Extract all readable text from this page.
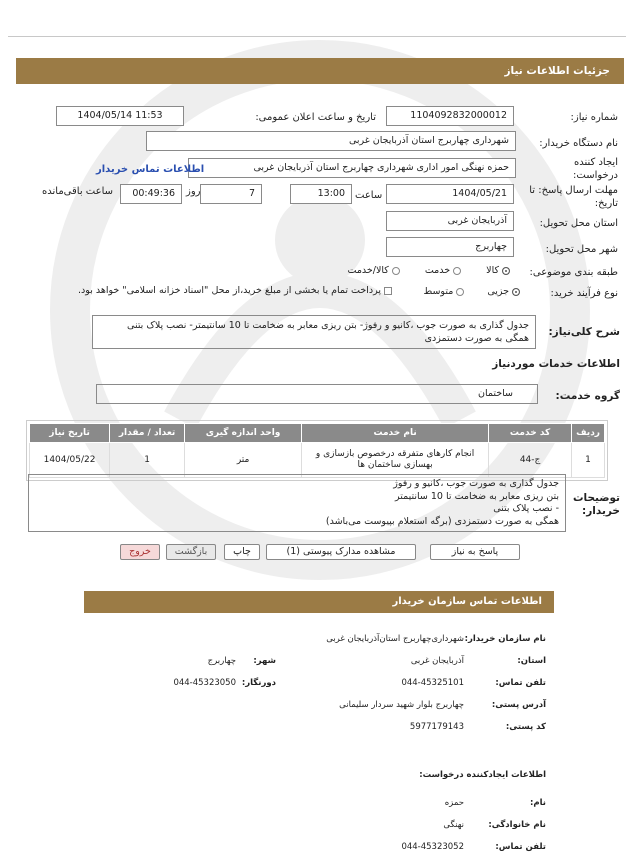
جزئیات اطلاعات نیاز
شماره نیاز:
1104092832000012
تاریخ و ساعت اعلان عمومی:
1404/05/14 11:53
نام دستگاه خریدار:
شهرداری چهاربرج استان آذربایجان غربی
ایجاد کننده درخواست:
حمزه نهنگی امور اداری شهرداری چهاربرج استان آذربایجان غربی
اطلاعات تماس خریدار
مهلت ارسال پاسخ: تا تاریخ:
1404/05/21
ساعت
13:00
7
روز
00:49:36
ساعت باقی‌مانده
استان محل تحویل:
آذربایجان غربی
شهر محل تحویل:
چهاربرج
طبقه بندی موضوعی:
کالا خدمت کالا/خدمت
نوع فرآیند خرید:
جزیی متوسط
پرداخت تمام یا بخشی از مبلغ خرید،از محل "اسناد خزانه اسلامی" خواهد بود.
شرح کلی‌نیاز:
جدول گذاری به صورت جوب ،کانیو و رفوژ- بتن ریزی معابر به ضخامت تا 10 سانتیمتر- نصب پلاک بتنی
همگی به صورت دستمزدی
اطلاعات خدمات موردنیاز
گروه خدمت:
ساختمان
ردیف	کد خدمت	نام خدمت	واحد اندازه گیری	تعداد / مقدار	تاریخ نیاز
1	ج-44	انجام کارهای متفرقه درخصوص بازسازی و بهسازی ساختمان ها	متر	1	1404/05/22
توضیحات خریدار:
جدول گذاری به صورت جوب ،کانیو و رفوژ
بتن ریزی معابر به ضخامت تا 10 سانتیمتر
- نصب پلاک بتنی
همگی به صورت دستمزدی (برگه استعلام بپیوست می‌باشد)
پاسخ به نیاز
مشاهده مدارک پیوستی (1)
چاپ
بازگشت
خروج
اطلاعات تماس سازمان خریدار
نام سازمان خریدار:
شهرداری‌چهاربرج استان‌آذربایجان غربی
استان:
آذربایجان غربی
شهر:
چهاربرج
تلفن تماس:
044-45325101
دورنگار:
044-45323050
آدرس پستی:
چهاربرج بلوار شهید سردار سلیمانی
کد پستی:
5977179143
اطلاعات ایجادکننده درخواست:
نام:
حمزه
نام خانوادگی:
نهنگی
تلفن تماس:
044-45323052
